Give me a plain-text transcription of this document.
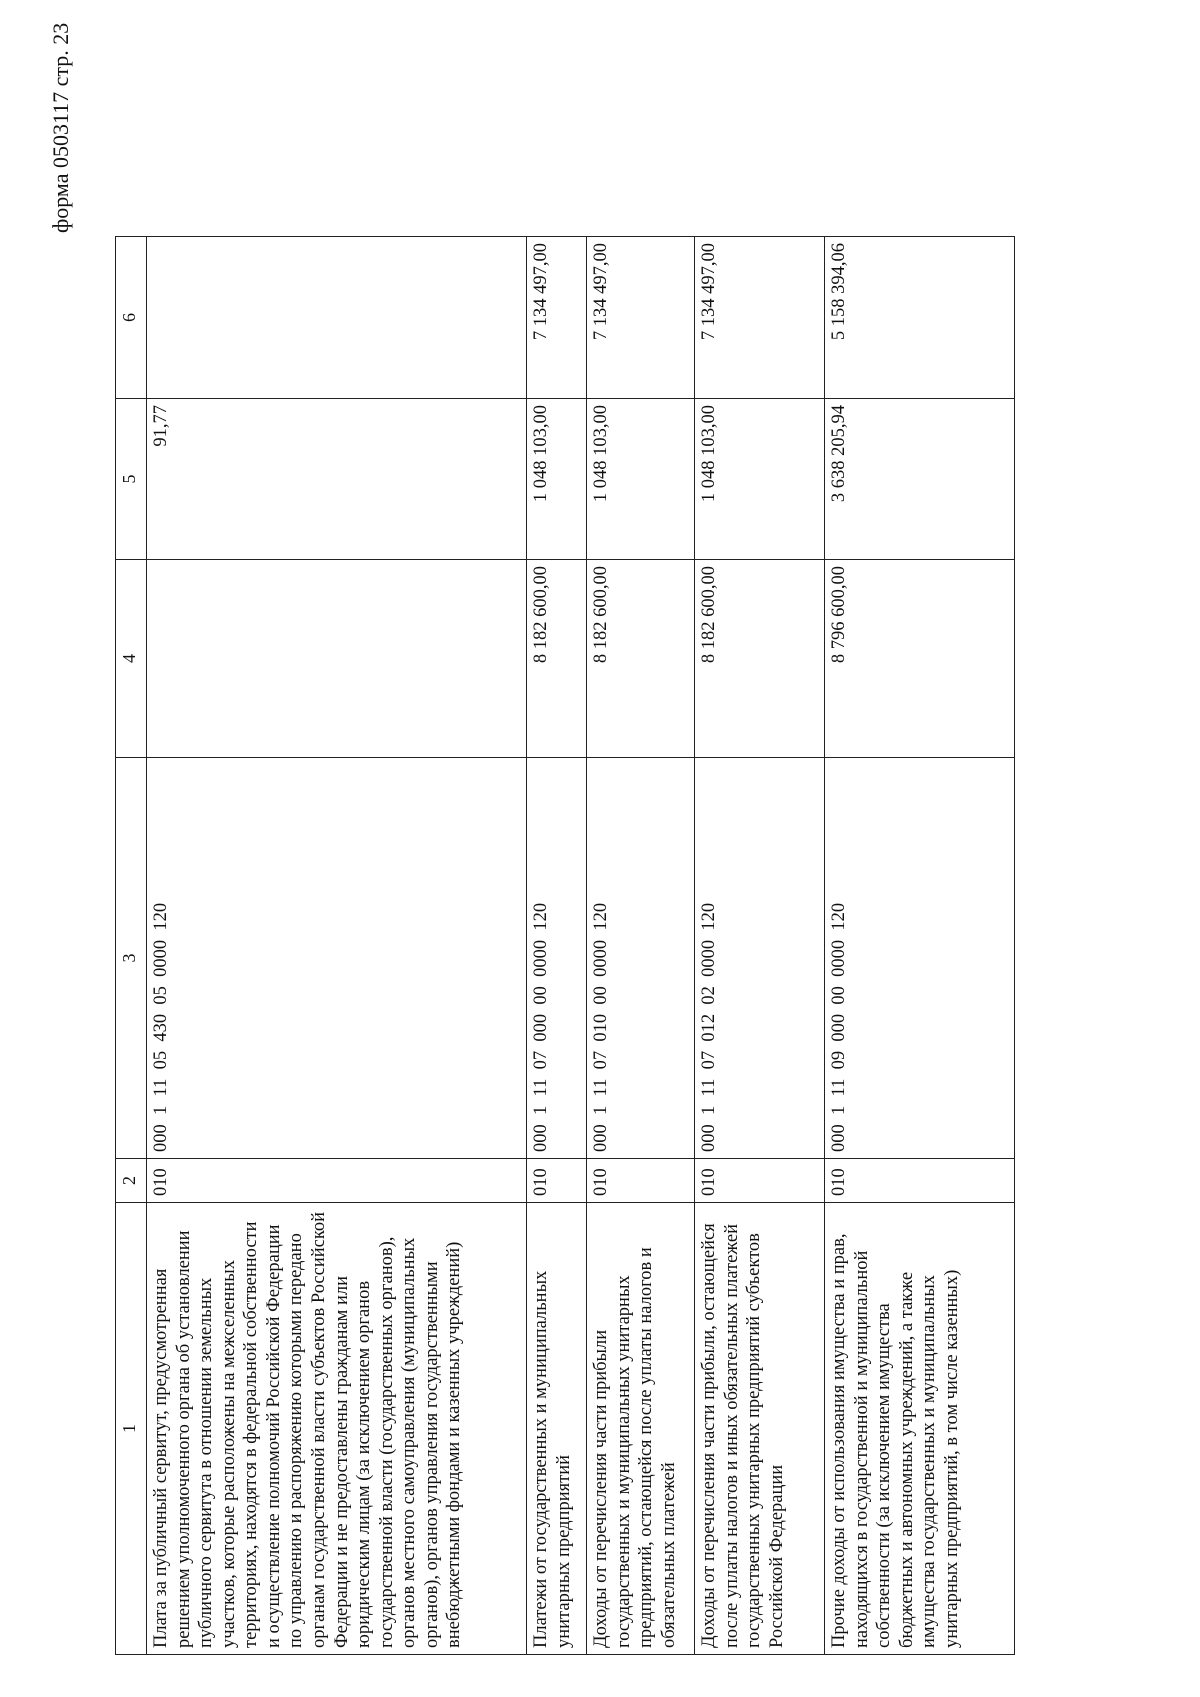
форма 0503117 стр. 23
1	2	3	4	5	6
Плата за публичный сервитут, предусмотренная решением уполномоченного органа об установлении публичного сервитута в отношении земельных участков, которые расположены на межселенных территориях, находятся в федеральной собственности и осуществление полномочий Российской Федерации по управлению и распоряжению которыми передано органам государственной власти субъектов Российской Федерации и не предоставлены гражданам или юридическим лицам (за исключением органов государственной власти (государственных органов), органов местного самоуправления (муниципальных органов), органов управления государственными внебюджетными фондами и казенных учреждений)	010	000  1  11  05  430  05  0000  120		91,77	
Платежи от государственных и муниципальных унитарных предприятий	010	000  1  11  07  000  00  0000  120	8 182 600,00	1 048 103,00	7 134 497,00
Доходы от перечисления части прибыли государственных и муниципальных унитарных предприятий, остающейся после уплаты налогов и обязательных платежей	010	000  1  11  07  010  00  0000  120	8 182 600,00	1 048 103,00	7 134 497,00
Доходы от перечисления части прибыли, остающейся после уплаты налогов и иных обязательных платежей государственных унитарных предприятий субъектов Российской Федерации	010	000  1  11  07  012  02  0000  120	8 182 600,00	1 048 103,00	7 134 497,00
Прочие доходы от использования имущества и прав, находящихся в государственной и муниципальной собственности (за исключением имущества бюджетных и автономных учреждений, а также имущества государственных и муниципальных унитарных предприятий, в том числе казенных)	010	000  1  11  09  000  00  0000  120	8 796 600,00	3 638 205,94	5 158 394,06
